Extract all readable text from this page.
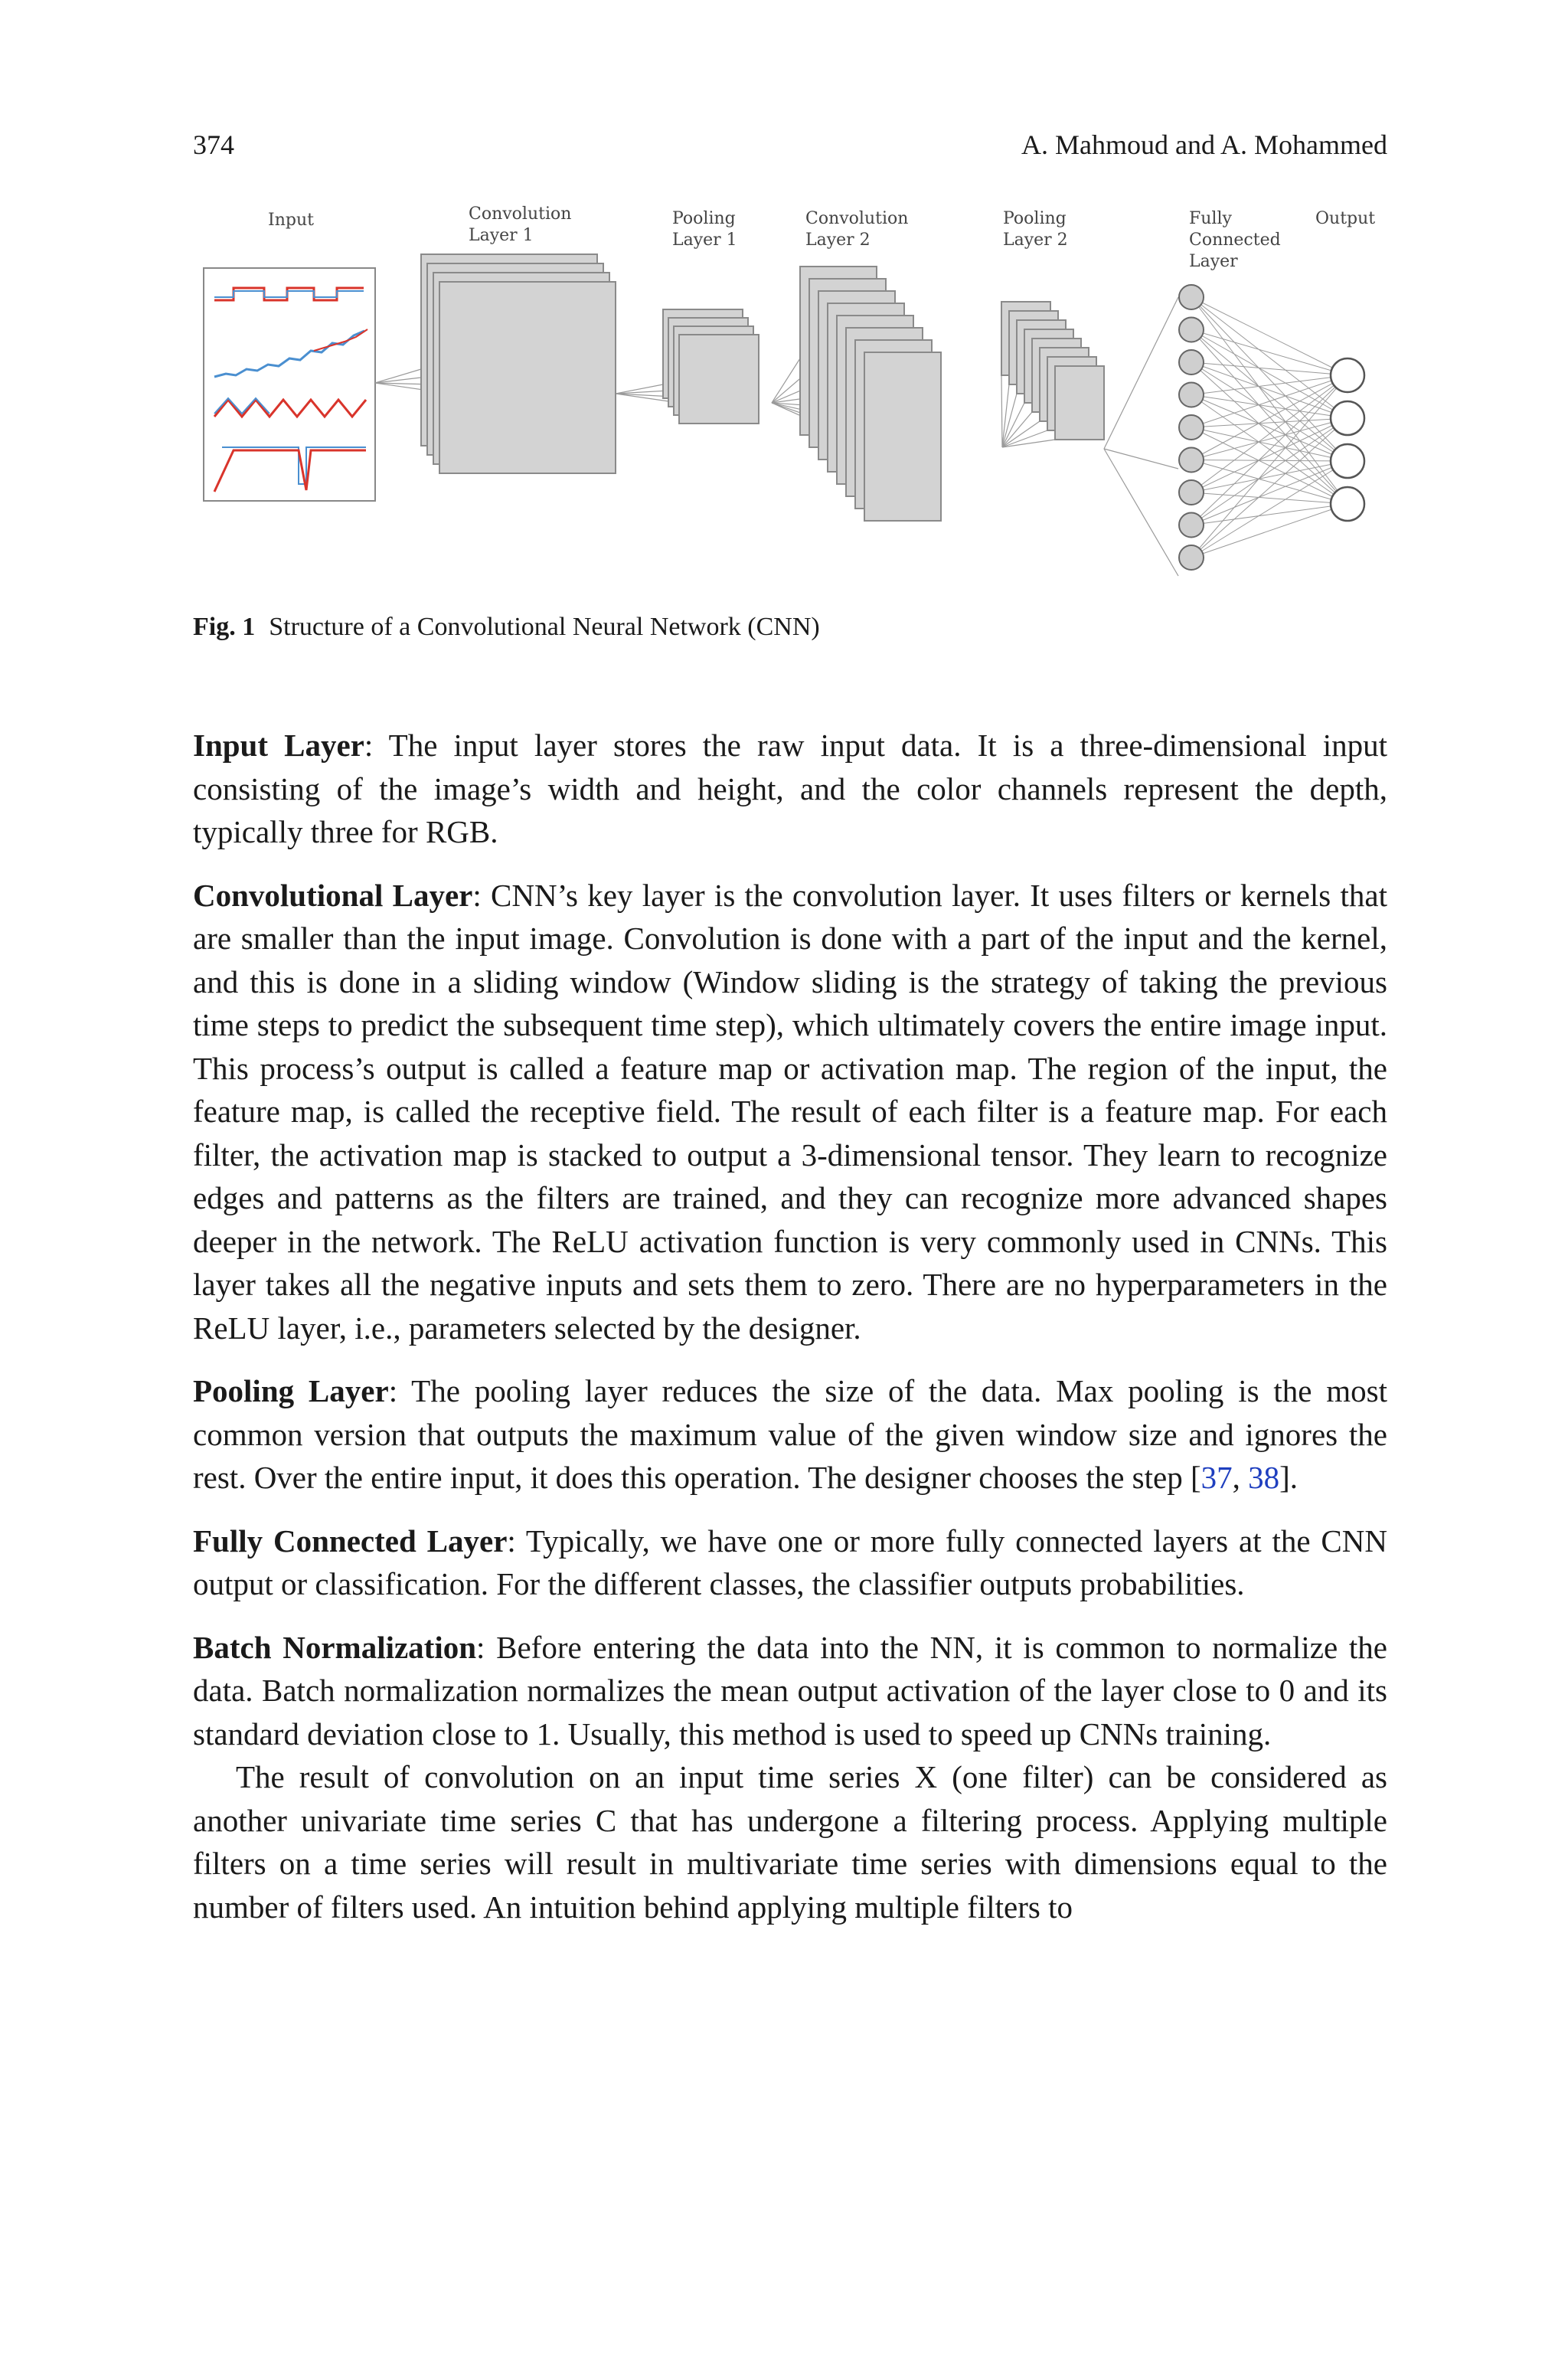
374	A. Mahmoud and A. Mohammed
Input	Convolution
Layer 1
Pooling
Layer 1
Convolution
Layer 2
Pooling
Layer 2
Fully
Connected
Layer
Output
Fig. 1 Structure of a Convolutional Neural Network (CNN)

Input Layer: The input layer stores the raw input data. It is a three-dimensional input consisting of the image’s width and height, and the color channels represent the depth, typically three for RGB.

Convolutional Layer: CNN’s key layer is the convolution layer. It uses filters or kernels that are smaller than the input image. Convolution is done with a part of the input and the kernel, and this is done in a sliding window (Window sliding is the strategy of taking the previous time steps to predict the subsequent time step), which ultimately covers the entire image input. This process’s output is called a feature map or activation map. The region of the input, the feature map, is called the receptive field. The result of each filter is a feature map. For each filter, the activation map is stacked to output a 3-dimensional tensor. They learn to recognize edges and patterns as the filters are trained, and they can recognize more advanced shapes deeper in the network. The ReLU activation function is very commonly used in CNNs. This layer takes all the negative inputs and sets them to zero. There are no hyperparameters in the ReLU layer, i.e., parameters selected by the designer.

Pooling Layer: The pooling layer reduces the size of the data. Max pooling is the most common version that outputs the maximum value of the given window size and ignores the rest. Over the entire input, it does this operation. The designer chooses the step [37, 38].

Fully Connected Layer: Typically, we have one or more fully connected layers at the CNN output or classification. For the different classes, the classifier outputs probabilities.

Batch Normalization: Before entering the data into the NN, it is common to normalize the data. Batch normalization normalizes the mean output activation of the layer close to 0 and its standard deviation close to 1. Usually, this method is used to speed up CNNs training.

The result of convolution on an input time series X (one filter) can be considered as another univariate time series C that has undergone a filtering process. Applying multiple filters on a time series will result in multivariate time series with dimensions equal to the number of filters used. An intuition behind applying multiple filters to
